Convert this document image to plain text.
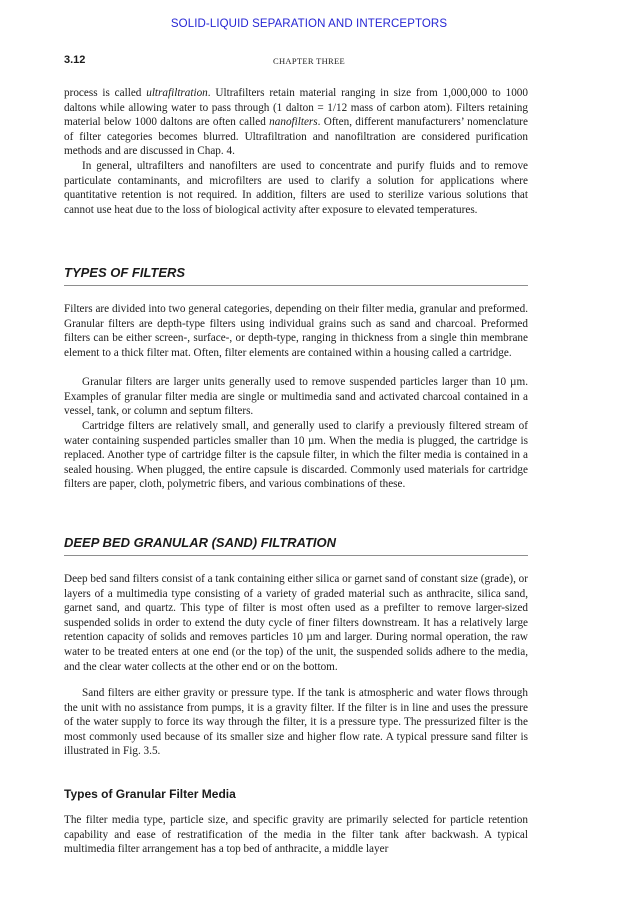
SOLID-LIQUID SEPARATION AND INTERCEPTORS
3.12	CHAPTER THREE

process is called ultrafiltration. Ultrafilters retain material ranging in size from 1,000,000 to 1000 daltons while allowing water to pass through (1 dalton = 1/12 mass of carbon atom). Filters retaining material below 1000 daltons are often called nanofilters. Often, different manufacturers’ nomenclature of filter categories becomes blurred. Ultrafiltration and nanofiltration are considered purification methods and are discussed in Chap. 4.

In general, ultrafilters and nanofilters are used to concentrate and purify fluids and to remove particulate contaminants, and microfilters are used to clarify a solution for applications where quantitative retention is not required. In addition, filters are used to sterilize various solutions that cannot use heat due to the loss of biological activity after exposure to elevated temperatures.

TYPES OF FILTERS

Filters are divided into two general categories, depending on their filter media, granular and preformed. Granular filters are depth-type filters using individual grains such as sand and charcoal. Preformed filters can be either screen-, surface-, or depth-type, ranging in thickness from a single thin membrane element to a thick filter mat. Often, filter elements are contained within a housing called a cartridge.

Granular filters are larger units generally used to remove suspended particles larger than 10 µm. Examples of granular filter media are single or multimedia sand and activated charcoal contained in a vessel, tank, or column and septum filters.

Cartridge filters are relatively small, and generally used to clarify a previously filtered stream of water containing suspended particles smaller than 10 µm. When the media is plugged, the cartridge is replaced. Another type of cartridge filter is the capsule filter, in which the filter media is contained in a sealed housing. When plugged, the entire capsule is discarded. Commonly used materials for cartridge filters are paper, cloth, polymetric fibers, and various combinations of these.

DEEP BED GRANULAR (SAND) FILTRATION

Deep bed sand filters consist of a tank containing either silica or garnet sand of constant size (grade), or layers of a multimedia type consisting of a variety of graded material such as anthracite, silica sand, garnet sand, and quartz. This type of filter is most often used as a prefilter to remove larger-sized suspended solids in order to extend the duty cycle of finer filters downstream. It has a relatively large retention capacity of solids and removes particles 10 µm and larger. During normal operation, the raw water to be treated enters at one end (or the top) of the unit, the suspended solids adhere to the media, and the clear water collects at the other end or on the bottom.

Sand filters are either gravity or pressure type. If the tank is atmospheric and water flows through the unit with no assistance from pumps, it is a gravity filter. If the filter is in line and uses the pressure of the water supply to force its way through the filter, it is a pressure type. The pressurized filter is the most commonly used because of its smaller size and higher flow rate. A typical pressure sand filter is illustrated in Fig. 3.5.

Types of Granular Filter Media

The filter media type, particle size, and specific gravity are primarily selected for particle retention capability and ease of restratification of the media in the filter tank after backwash. A typical multimedia filter arrangement has a top bed of anthracite, a middle layer
